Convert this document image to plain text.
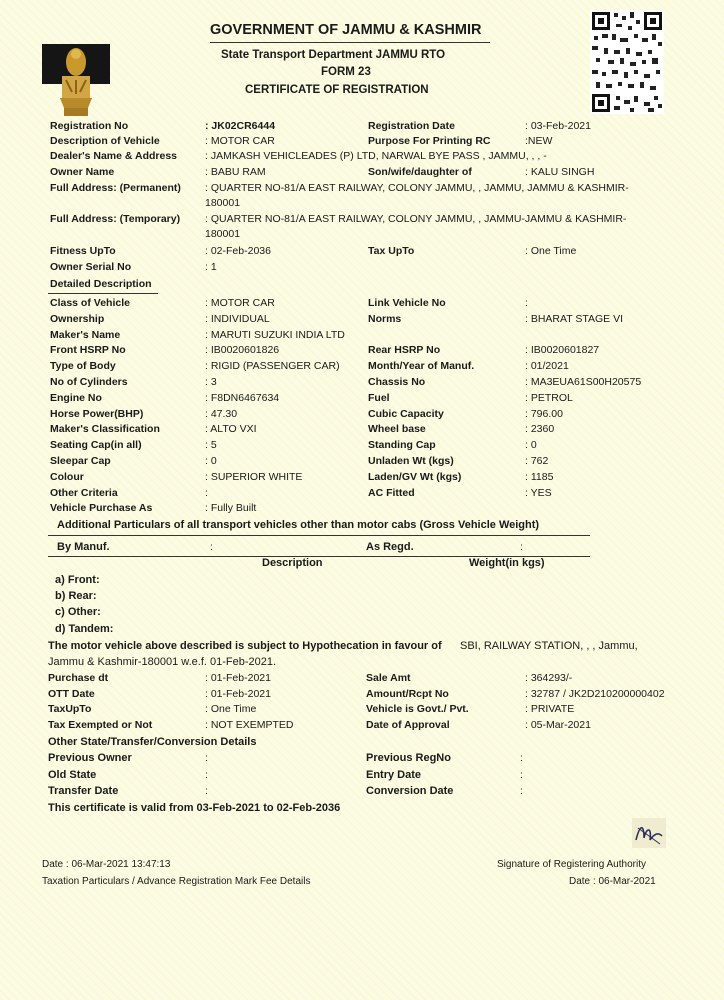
GOVERNMENT OF JAMMU & KASHMIR
State Transport Department JAMMU RTO
FORM 23
CERTIFICATE OF REGISTRATION
Registration No	: JK02CR6444	Registration Date	: 03-Feb-2021
Description of Vehicle	: MOTOR CAR	Purpose For Printing RC	:NEW
Dealer's Name & Address	: JAMKASH VEHICLEADES (P) LTD, NARWAL BYE PASS , JAMMU, , , -
Owner Name	: BABU RAM	Son/wife/daughter of	: KALU SINGH
Full Address: (Permanent) : QUARTER NO-81/A EAST RAILWAY, COLONY JAMMU, , JAMMU, JAMMU & KASHMIR-
180001
Full Address: (Temporary) : QUARTER NO-81/A EAST RAILWAY, COLONY JAMMU, , JAMMU-JAMMU & KASHMIR-
180001
Fitness UpTo	: 02-Feb-2036	Tax UpTo	: One Time
Owner Serial No	: 1
Detailed Description
Class of Vehicle	: MOTOR CAR	Link Vehicle No	:
Ownership	: INDIVIDUAL	Norms	: BHARAT STAGE VI
Maker's Name	: MARUTI SUZUKI INDIA LTD
Front HSRP No	: IB0020601826	Rear HSRP No	: IB0020601827
Type of Body	: RIGID (PASSENGER CAR)	Month/Year of Manuf.	: 01/2021
No of Cylinders	: 3	Chassis No	: MA3EUA61S00H20575
Engine No	: F8DN6467634	Fuel	: PETROL
Horse Power(BHP)	: 47.30	Cubic Capacity	: 796.00
Maker's Classification	: ALTO VXI	Wheel base	: 2360
Seating Cap(in all)	: 5	Standing Cap	: 0
Sleepar Cap	: 0	Unladen Wt (kgs)	: 762
Colour	: SUPERIOR WHITE	Laden/GV Wt (kgs)	: 1185
Other Criteria	:	AC Fitted	: YES
Vehicle Purchase As	: Fully Built
Additional Particulars of all transport vehicles other than motor cabs (Gross Vehicle Weight)
By Manuf.	:	As Regd.	:
Description	Weight(in kgs)
a) Front:
b) Rear:
c) Other:
d) Tandem:
The motor vehicle above described is subject to Hypothecation in favour of SBI, RAILWAY STATION, , , Jammu,
Jammu & Kashmir-180001 w.e.f. 01-Feb-2021.
Purchase dt	: 01-Feb-2021	Sale Amt	: 364293/-
OTT Date	: 01-Feb-2021	Amount/Rcpt No	: 32787 / JK2D210200000402
TaxUpTo	: One Time	Vehicle is Govt./ Pvt.	: PRIVATE
Tax Exempted or Not	: NOT EXEMPTED	Date of Approval	: 05-Mar-2021
Other State/Transfer/Conversion Details
Previous Owner	:	Previous RegNo	:
Old State	:	Entry Date	:
Transfer Date	:	Conversion Date	:
This certificate is valid from 03-Feb-2021 to 02-Feb-2036
Date : 06-Mar-2021 13:47:13
Taxation Particulars / Advance Registration Mark Fee Details
Signature of Registering Authority
Date : 06-Mar-2021
